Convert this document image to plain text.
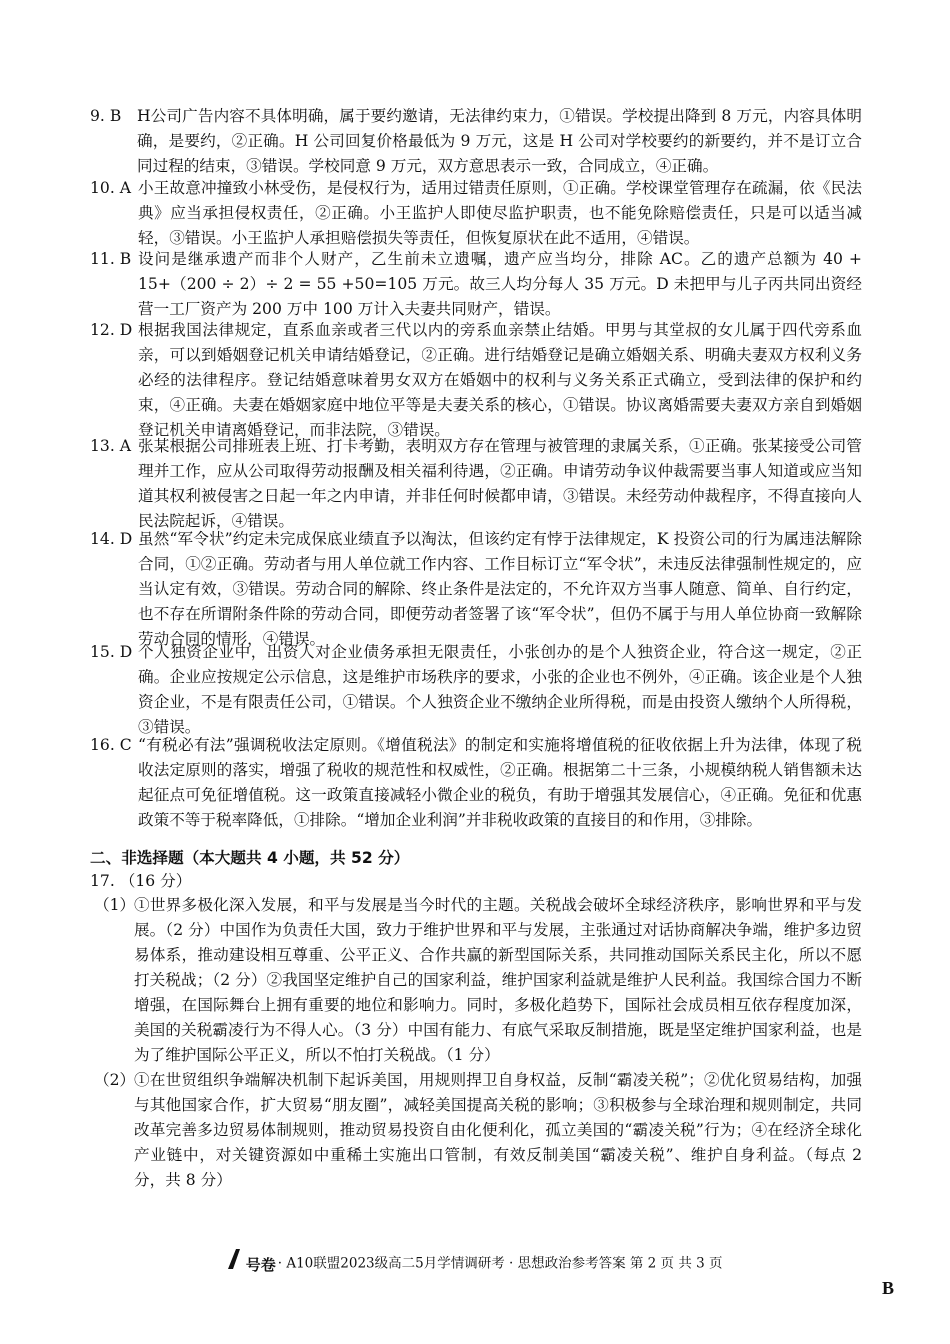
9. B	H公司广告内容不具体明确，属于要约邀请，无法律约束力，①错误。学校提出降到 8 万元，内容具体明确，是要约，②正确。H 公司回复价格最低为 9 万元，这是 H 公司对学校要约的新要约，并不是订立合同过程的结束，③错误。学校同意 9 万元，双方意思表示一致，合同成立，④正确。
10. A 小王故意冲撞致小林受伤，是侵权行为，适用过错责任原则，①正确。学校课堂管理存在疏漏，依《民法典》应当承担侵权责任，②正确。小王监护人即使尽监护职责，也不能免除赔偿责任，只是可以适当减轻，③错误。小王监护人承担赔偿损失等责任，但恢复原状在此不适用，④错误。
11. B 设问是继承遗产而非个人财产，乙生前未立遗嘱，遗产应当均分，排除 AC。乙的遗产总额为 40 + 15+（200 ÷ 2）÷ 2 = 55 +50=105 万元。故三人均分每人 35 万元。D 未把甲与儿子丙共同出资经营一工厂资产为 200 万中 100 万计入夫妻共同财产，错误。
12. D 根据我国法律规定，直系血亲或者三代以内的旁系血亲禁止结婚。甲男与其堂叔的女儿属于四代旁系血亲，可以到婚姻登记机关申请结婚登记，②正确。进行结婚登记是确立婚姻关系、明确夫妻双方权利义务必经的法律程序。登记结婚意味着男女双方在婚姻中的权利与义务关系正式确立，受到法律的保护和约束，④正确。夫妻在婚姻家庭中地位平等是夫妻关系的核心，①错误。协议离婚需要夫妻双方亲自到婚姻登记机关申请离婚登记，而非法院，③错误。
13. A 张某根据公司排班表上班、打卡考勤，表明双方存在管理与被管理的隶属关系，①正确。张某接受公司管理并工作，应从公司取得劳动报酬及相关福利待遇，②正确。申请劳动争议仲裁需要当事人知道或应当知道其权利被侵害之日起一年之内申请，并非任何时候都申请，③错误。未经劳动仲裁程序，不得直接向人民法院起诉，④错误。
14. D 虽然“军令状”约定未完成保底业绩直予以淘汰，但该约定有悖于法律规定，K 投资公司的行为属违法解除合同，①②正确。劳动者与用人单位就工作内容、工作目标订立“军令状”，未违反法律强制性规定的，应当认定有效，③错误。劳动合同的解除、终止条件是法定的，不允许双方当事人随意、简单、自行约定，也不存在所谓附条件除的劳动合同，即便劳动者签署了该“军令状”，但仍不属于与用人单位协商一致解除劳动合同的情形，④错误。
15. D 个人独资企业中，出资人对企业债务承担无限责任，小张创办的是个人独资企业，符合这一规定，②正确。企业应按规定公示信息，这是维护市场秩序的要求，小张的企业也不例外，④正确。该企业是个人独资企业，不是有限责任公司，①错误。个人独资企业不缴纳企业所得税，而是由投资人缴纳个人所得税，③错误。
16. C “有税必有法”强调税收法定原则。《增值税法》的制定和实施将增值税的征收依据上升为法律，体现了税收法定原则的落实，增强了税收的规范性和权威性，②正确。根据第二十三条，小规模纳税人销售额未达起征点可免征增值税。这一政策直接减轻小微企业的税负，有助于增强其发展信心，④正确。免征和优惠政策不等于税率降低，①排除。“增加企业利润”并非税收政策的直接目的和作用，③排除。
二、非选择题（本大题共 4 小题，共 52 分）
17. （16 分）
（1）
①世界多极化深入发展，和平与发展是当今时代的主题。关税战会破坏全球经济秩序，影响世界和平与发展。（2 分）中国作为负责任大国，致力于维护世界和平与发展，主张通过对话协商解决争端，维护多边贸易体系，推动建设相互尊重、公平正义、合作共赢的新型国际关系，共同推动国际关系民主化，所以不愿打关税战；（2 分）②我国坚定维护自己的国家利益，维护国家利益就是维护人民利益。我国综合国力不断增强，在国际舞台上拥有重要的地位和影响力。同时，多极化趋势下，国际社会成员相互依存程度加深，美国的关税霸凌行为不得人心。（3 分）中国有能力、有底气采取反制措施，既是坚定维护国家利益，也是为了维护国际公平正义，所以不怕打关税战。（1 分）
（2）
①在世贸组织争端解决机制下起诉美国，用规则捍卫自身权益，反制“霸凌关税”；②优化贸易结构，加强与其他国家合作，扩大贸易“朋友圈”，减轻美国提高关税的影响；③积极参与全球治理和规则制定，共同改革完善多边贸易体制规则，推动贸易投资自由化便利化，孤立美国的“霸凌关税”行为；④在经济全球化产业链中，对关键资源如中重稀土实施出口管制，有效反制美国“霸凌关税”、维护自身利益。（每点 2 分，共 8 分）
号卷 · A10联盟2023级高二5月学情调研考 · 思想政治参考答案 第 2 页 共 3 页
B
